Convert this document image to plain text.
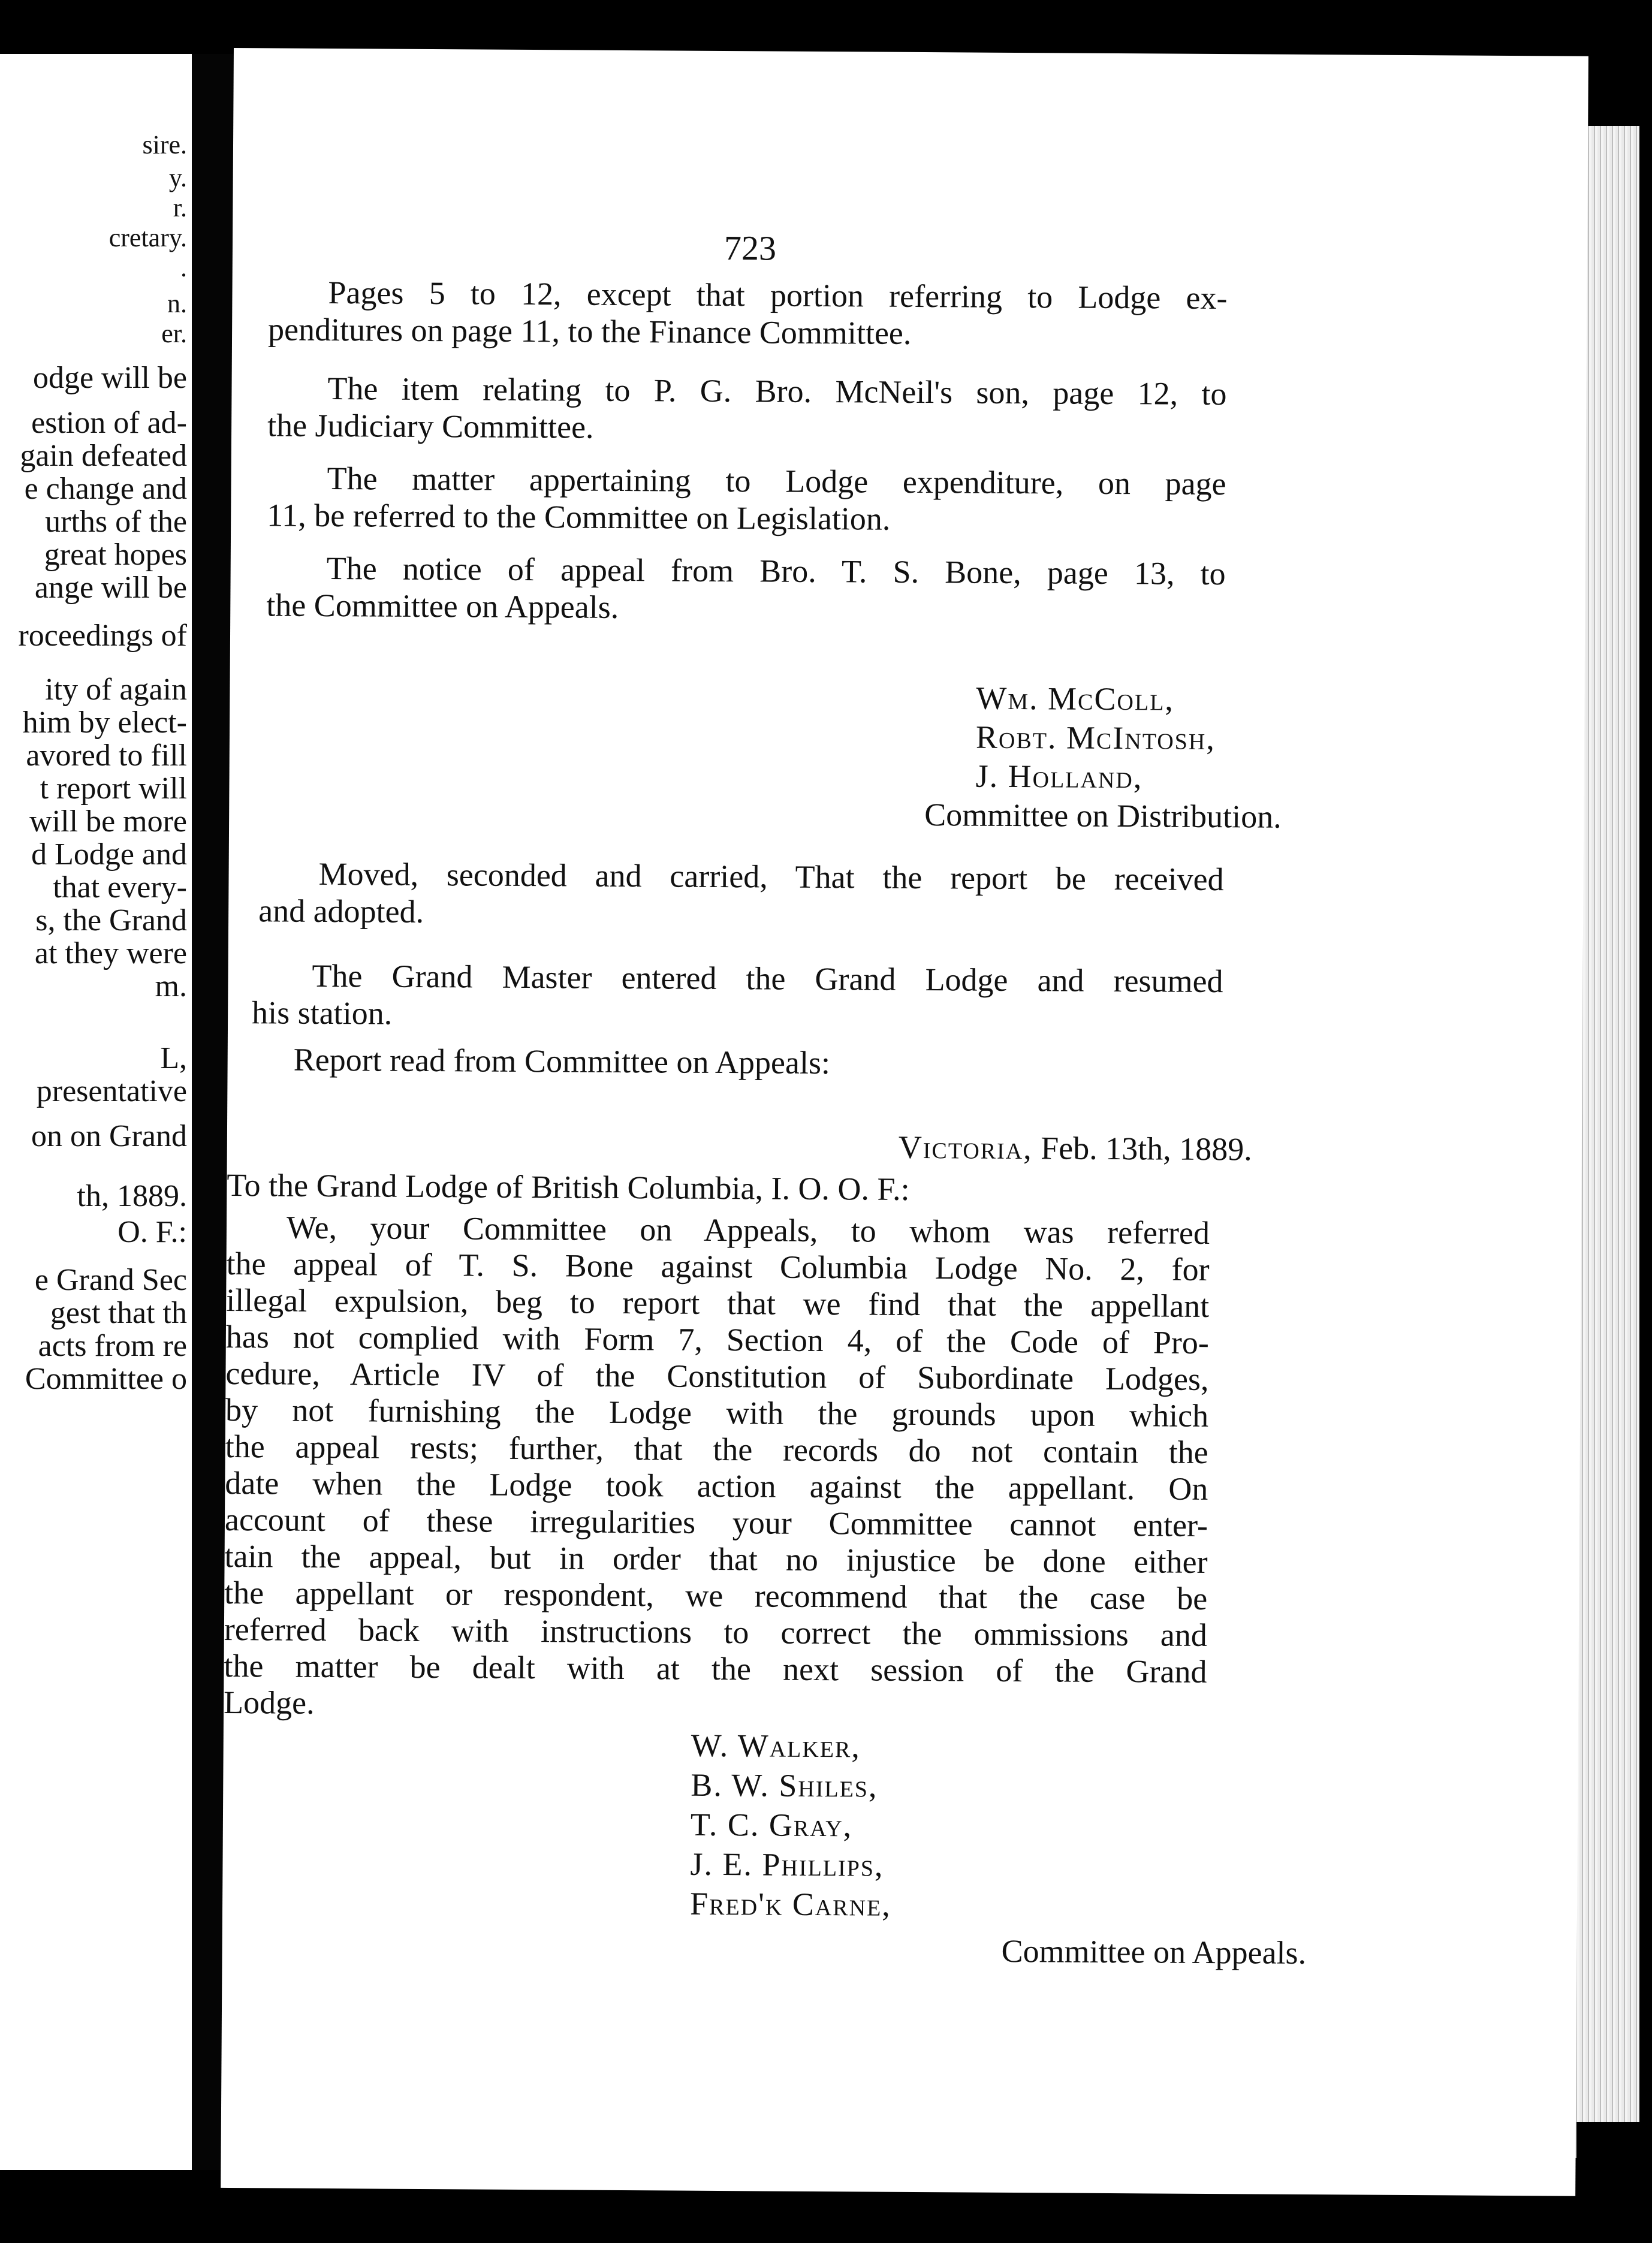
sire.
y.
r.
cretary.
.
n.
er.
odge will be
estion of ad-
gain defeated
e change and
urths of the
great hopes
ange will be
roceedings of
ity of again
him by elect-
avored to fill
t report will
will be more
d Lodge and
that every-
s, the Grand
at they were
m.
L,
presentative
on on Grand
th, 1889.
O. F.:
e Grand Sec
gest that th
acts from re
Committee o
723
Pages 5 to 12, except that portion referring to Lodge ex-
penditures on page 11, to the Finance Committee.
The item relating to P. G. Bro. McNeil's son, page 12, to
the Judiciary Committee.
The matter appertaining to Lodge expenditure, on page
11, be referred to the Committee on Legislation.
The notice of appeal from Bro. T. S. Bone, page 13, to
the Committee on Appeals.
Wm. McColl,
Robt. McIntosh,
J. Holland,
Committee on Distribution.
Moved, seconded and carried, That the report be received
and adopted.
The Grand Master entered the Grand Lodge and resumed
his station.
Report read from Committee on Appeals:
Victoria, Feb. 13th, 1889.
To the Grand Lodge of British Columbia, I. O. O. F.:
We, your Committee on Appeals, to whom was referred
the appeal of T. S. Bone against Columbia Lodge No. 2, for
illegal expulsion, beg to report that we find that the appellant
has not complied with Form 7, Section 4, of the Code of Pro-
cedure, Article IV of the Constitution of Subordinate Lodges,
by not furnishing the Lodge with the grounds upon which
the appeal rests; further, that the records do not contain the
date when the Lodge took action against the appellant. On
account of these irregularities your Committee cannot enter-
tain the appeal, but in order that no injustice be done either
the appellant or respondent, we recommend that the case be
referred back with instructions to correct the ommissions and
the matter be dealt with at the next session of the Grand
Lodge.
W. Walker,
B. W. Shiles,
T. C. Gray,
J. E. Phillips,
Fred'k Carne,
Committee on Appeals.
